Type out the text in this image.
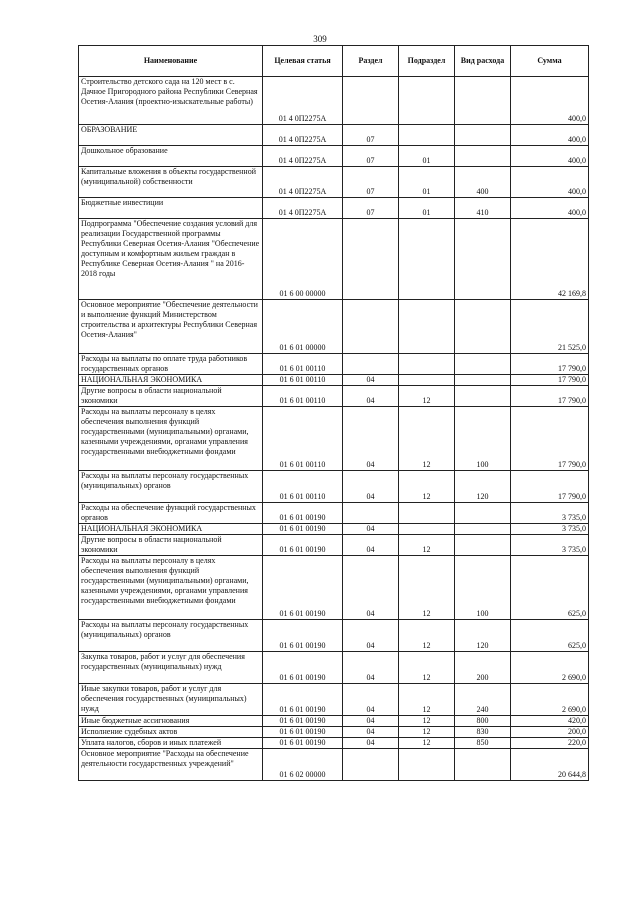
309
Наименование	Целевая статья	Раздел	Подраздел	Вид расхода	Сумма
Строительство детского сада на 120 мест в с. Дачное Пригородного района Республики Северная Осетия-Алания (проектно-изыскательные работы)	01 4 0П2275А				400,0
ОБРАЗОВАНИЕ	01 4 0П2275А	07			400,0
Дошкольное образование	01 4 0П2275А	07	01		400,0
Капитальные вложения в объекты государственной (муниципальной) собственности	01 4 0П2275А	07	01	400	400,0
Бюджетные инвестиции	01 4 0П2275А	07	01	410	400,0
Подпрограмма "Обеспечение создания условий для реализации Государственной программы Республики Северная Осетия-Алания "Обеспечение доступным и комфортным жильем граждан в Республике Северная Осетия-Алания " на 2016-2018 годы	01 6 00 00000				42 169,8
Основное мероприятие "Обеспечение деятельности и выполнение функций Министерством строительства и архитектуры Республики Северная Осетия-Алания"	01 6 01 00000				21 525,0
Расходы на выплаты по оплате труда работников государственных органов	01 6 01 00110				17 790,0
НАЦИОНАЛЬНАЯ ЭКОНОМИКА	01 6 01 00110	04			17 790,0
Другие вопросы в области национальной экономики	01 6 01 00110	04	12		17 790,0
Расходы на выплаты персоналу в целях обеспечения выполнения функций государственными (муниципальными) органами, казенными учреждениями, органами управления государственными внебюджетными фондами	01 6 01 00110	04	12	100	17 790,0
Расходы на выплаты персоналу государственных (муниципальных) органов	01 6 01 00110	04	12	120	17 790,0
Расходы на обеспечение функций государственных органов	01 6 01 00190				3 735,0
НАЦИОНАЛЬНАЯ ЭКОНОМИКА	01 6 01 00190	04			3 735,0
Другие вопросы в области национальной экономики	01 6 01 00190	04	12		3 735,0
Расходы на выплаты персоналу в целях обеспечения выполнения функций государственными (муниципальными) органами, казенными учреждениями, органами управления государственными внебюджетными фондами	01 6 01 00190	04	12	100	625,0
Расходы на выплаты персоналу государственных (муниципальных) органов	01 6 01 00190	04	12	120	625,0
Закупка товаров, работ и услуг для обеспечения государственных (муниципальных) нужд	01 6 01 00190	04	12	200	2 690,0
Иные закупки товаров, работ и услуг для обеспечения государственных (муниципальных) нужд	01 6 01 00190	04	12	240	2 690,0
Иные бюджетные ассигнования	01 6 01 00190	04	12	800	420,0
Исполнение судебных актов	01 6 01 00190	04	12	830	200,0
Уплата налогов, сборов и иных платежей	01 6 01 00190	04	12	850	220,0
Основное мероприятие "Расходы на обеспечение деятельности государственных учреждений"	01 6 02 00000				20 644,8
